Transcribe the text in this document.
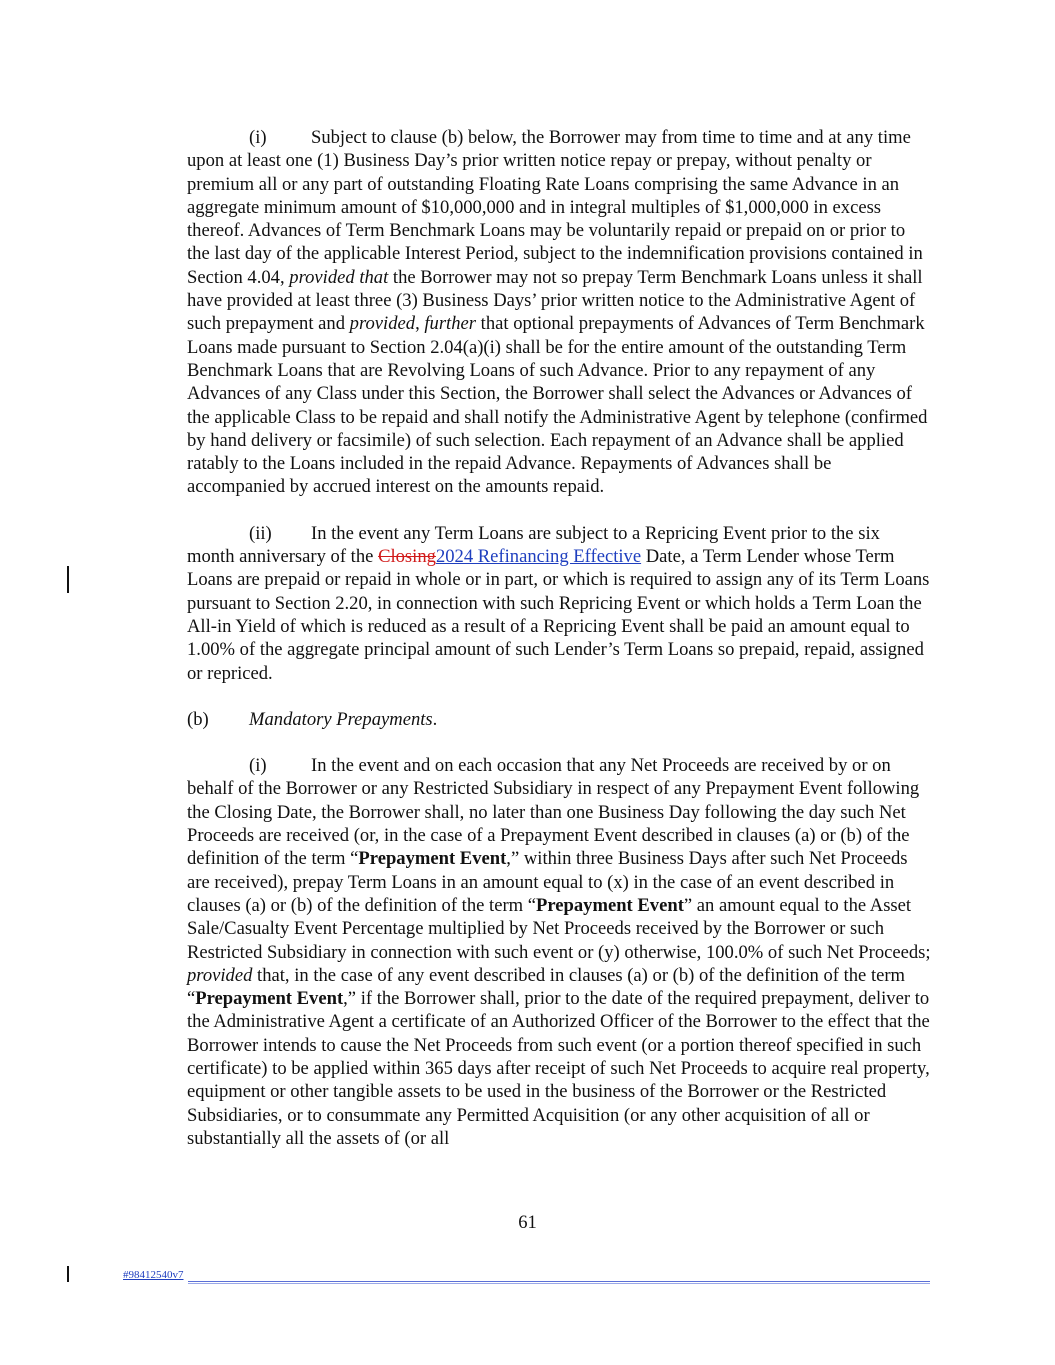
(i) Subject to clause (b) below, the Borrower may from time to time and at any time upon at least one (1) Business Day’s prior written notice repay or prepay, without penalty or premium all or any part of outstanding Floating Rate Loans comprising the same Advance in an aggregate minimum amount of $10,000,000 and in integral multiples of $1,000,000 in excess thereof. Advances of Term Benchmark Loans may be voluntarily repaid or prepaid on or prior to the last day of the applicable Interest Period, subject to the indemnification provisions contained in Section 4.04, provided that the Borrower may not so prepay Term Benchmark Loans unless it shall have provided at least three (3) Business Days’ prior written notice to the Administrative Agent of such prepayment and provided, further that optional prepayments of Advances of Term Benchmark Loans made pursuant to Section 2.04(a)(i) shall be for the entire amount of the outstanding Term Benchmark Loans that are Revolving Loans of such Advance. Prior to any repayment of any Advances of any Class under this Section, the Borrower shall select the Advances or Advances of the applicable Class to be repaid and shall notify the Administrative Agent by telephone (confirmed by hand delivery or facsimile) of such selection. Each repayment of an Advance shall be applied ratably to the Loans included in the repaid Advance. Repayments of Advances shall be accompanied by accrued interest on the amounts repaid.

(ii) In the event any Term Loans are subject to a Repricing Event prior to the six month anniversary of the Closing2024 Refinancing Effective Date, a Term Lender whose Term Loans are prepaid or repaid in whole or in part, or which is required to assign any of its Term Loans pursuant to Section 2.20, in connection with such Repricing Event or which holds a Term Loan the All-in Yield of which is reduced as a result of a Repricing Event shall be paid an amount equal to 1.00% of the aggregate principal amount of such Lender’s Term Loans so prepaid, repaid, assigned or repriced.

(b) Mandatory Prepayments.

(i) In the event and on each occasion that any Net Proceeds are received by or on behalf of the Borrower or any Restricted Subsidiary in respect of any Prepayment Event following the Closing Date, the Borrower shall, no later than one Business Day following the day such Net Proceeds are received (or, in the case of a Prepayment Event described in clauses (a) or (b) of the definition of the term “Prepayment Event,” within three Business Days after such Net Proceeds are received), prepay Term Loans in an amount equal to (x) in the case of an event described in clauses (a) or (b) of the definition of the term “Prepayment Event” an amount equal to the Asset Sale/Casualty Event Percentage multiplied by Net Proceeds received by the Borrower or such Restricted Subsidiary in connection with such event or (y) otherwise, 100.0% of such Net Proceeds; provided that, in the case of any event described in clauses (a) or (b) of the definition of the term “Prepayment Event,” if the Borrower shall, prior to the date of the required prepayment, deliver to the Administrative Agent a certificate of an Authorized Officer of the Borrower to the effect that the Borrower intends to cause the Net Proceeds from such event (or a portion thereof specified in such certificate) to be applied within 365 days after receipt of such Net Proceeds to acquire real property, equipment or other tangible assets to be used in the business of the Borrower or the Restricted Subsidiaries, or to consummate any Permitted Acquisition (or any other acquisition of all or substantially all the assets of (or all

61
#98412540v7
